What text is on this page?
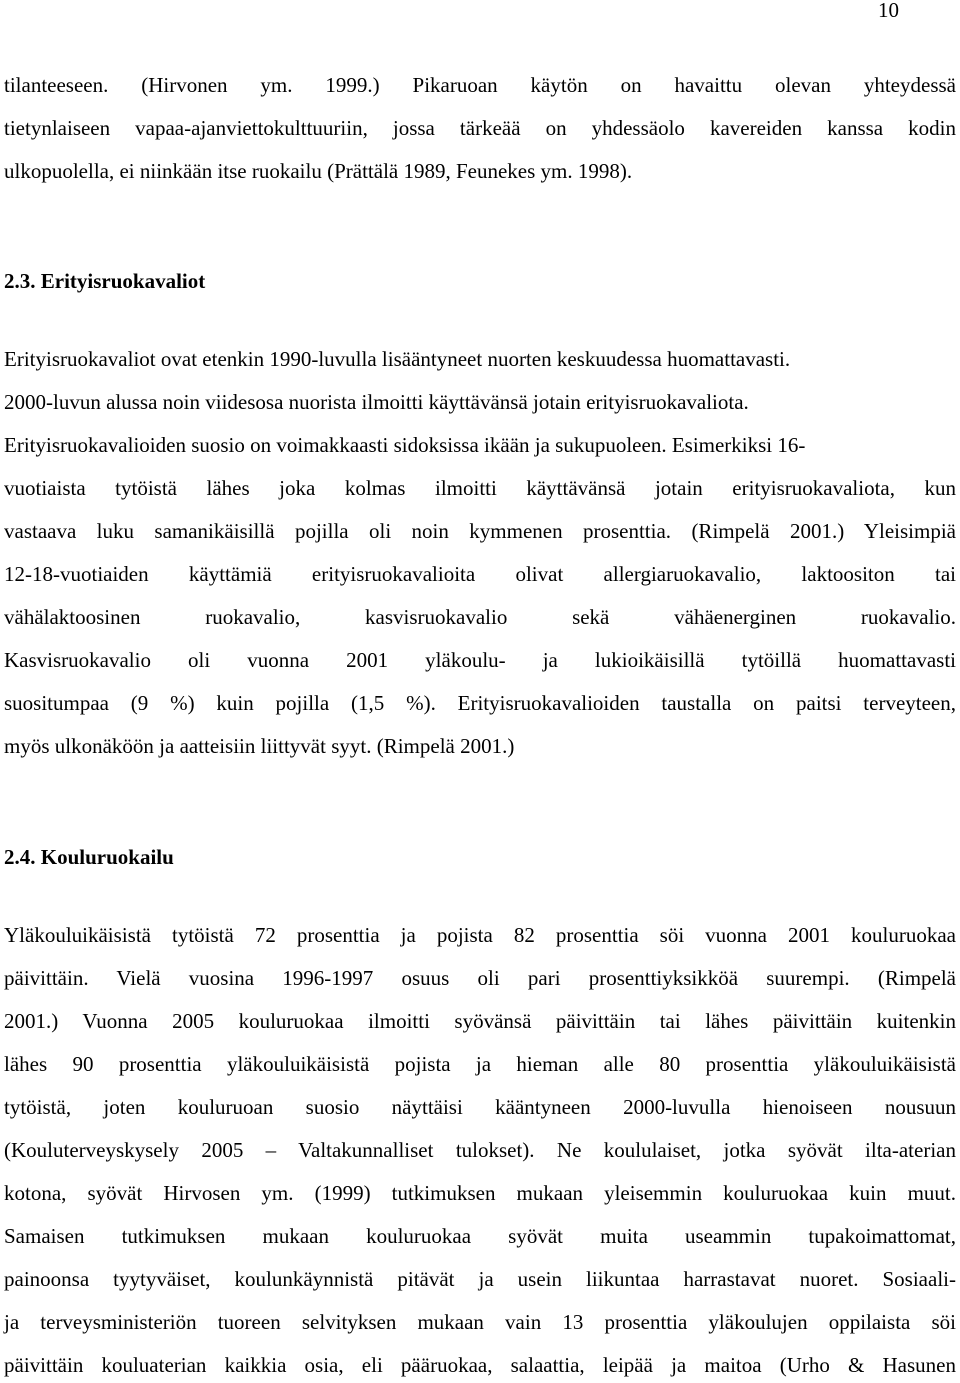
10
tilanteeseen. (Hirvonen ym. 1999.) Pikaruoan käytön on havaittu olevan yhteydessä
tietynlaiseen vapaa-ajanviettokulttuuriin, jossa tärkeää on yhdessäolo kavereiden kanssa kodin
ulkopuolella, ei niinkään itse ruokailu (Prättälä 1989, Feunekes ym. 1998).
2.3. Erityisruokavaliot
Erityisruokavaliot ovat etenkin 1990-luvulla lisääntyneet nuorten keskuudessa huomattavasti.
2000-luvun alussa noin viidesosa nuorista ilmoitti käyttävänsä jotain erityisruokavaliota.
Erityisruokavalioiden suosio on voimakkaasti sidoksissa ikään ja sukupuoleen. Esimerkiksi 16-
vuotiaista tytöistä lähes joka kolmas ilmoitti käyttävänsä jotain erityisruokavaliota, kun
vastaava luku samanikäisillä pojilla oli noin kymmenen prosenttia. (Rimpelä 2001.) Yleisimpiä
12-18-vuotiaiden käyttämiä erityisruokavalioita olivat allergiaruokavalio, laktoositon tai
vähälaktoosinen ruokavalio, kasvisruokavalio sekä vähäenerginen ruokavalio.
Kasvisruokavalio oli vuonna 2001 yläkoulu- ja lukioikäisillä tytöillä huomattavasti
suositumpaa (9 %) kuin pojilla (1,5 %). Erityisruokavalioiden taustalla on paitsi terveyteen,
myös ulkonäköön ja aatteisiin liittyvät syyt. (Rimpelä 2001.)
2.4. Kouluruokailu
Yläkouluikäisistä tytöistä 72 prosenttia ja pojista 82 prosenttia söi vuonna 2001 kouluruokaa
päivittäin. Vielä vuosina 1996-1997 osuus oli pari prosenttiyksikköä suurempi. (Rimpelä
2001.) Vuonna 2005 kouluruokaa ilmoitti syövänsä päivittäin tai lähes päivittäin kuitenkin
lähes 90 prosenttia yläkouluikäisistä pojista ja hieman alle 80 prosenttia yläkouluikäisistä
tytöistä, joten kouluruoan suosio näyttäisi kääntyneen 2000-luvulla hienoiseen nousuun
(Kouluterveyskysely 2005 – Valtakunnalliset tulokset). Ne koululaiset, jotka syövät ilta-aterian
kotona, syövät Hirvosen ym. (1999) tutkimuksen mukaan yleisemmin kouluruokaa kuin muut.
Samaisen tutkimuksen mukaan kouluruokaa syövät muita useammin tupakoimattomat,
painoonsa tyytyväiset, koulunkäynnistä pitävät ja usein liikuntaa harrastavat nuoret. Sosiaali-
ja terveysministeriön tuoreen selvityksen mukaan vain 13 prosenttia yläkoulujen oppilaista söi
päivittäin kouluaterian kaikkia osia, eli pääruokaa, salaattia, leipää ja maitoa (Urho & Hasunen
